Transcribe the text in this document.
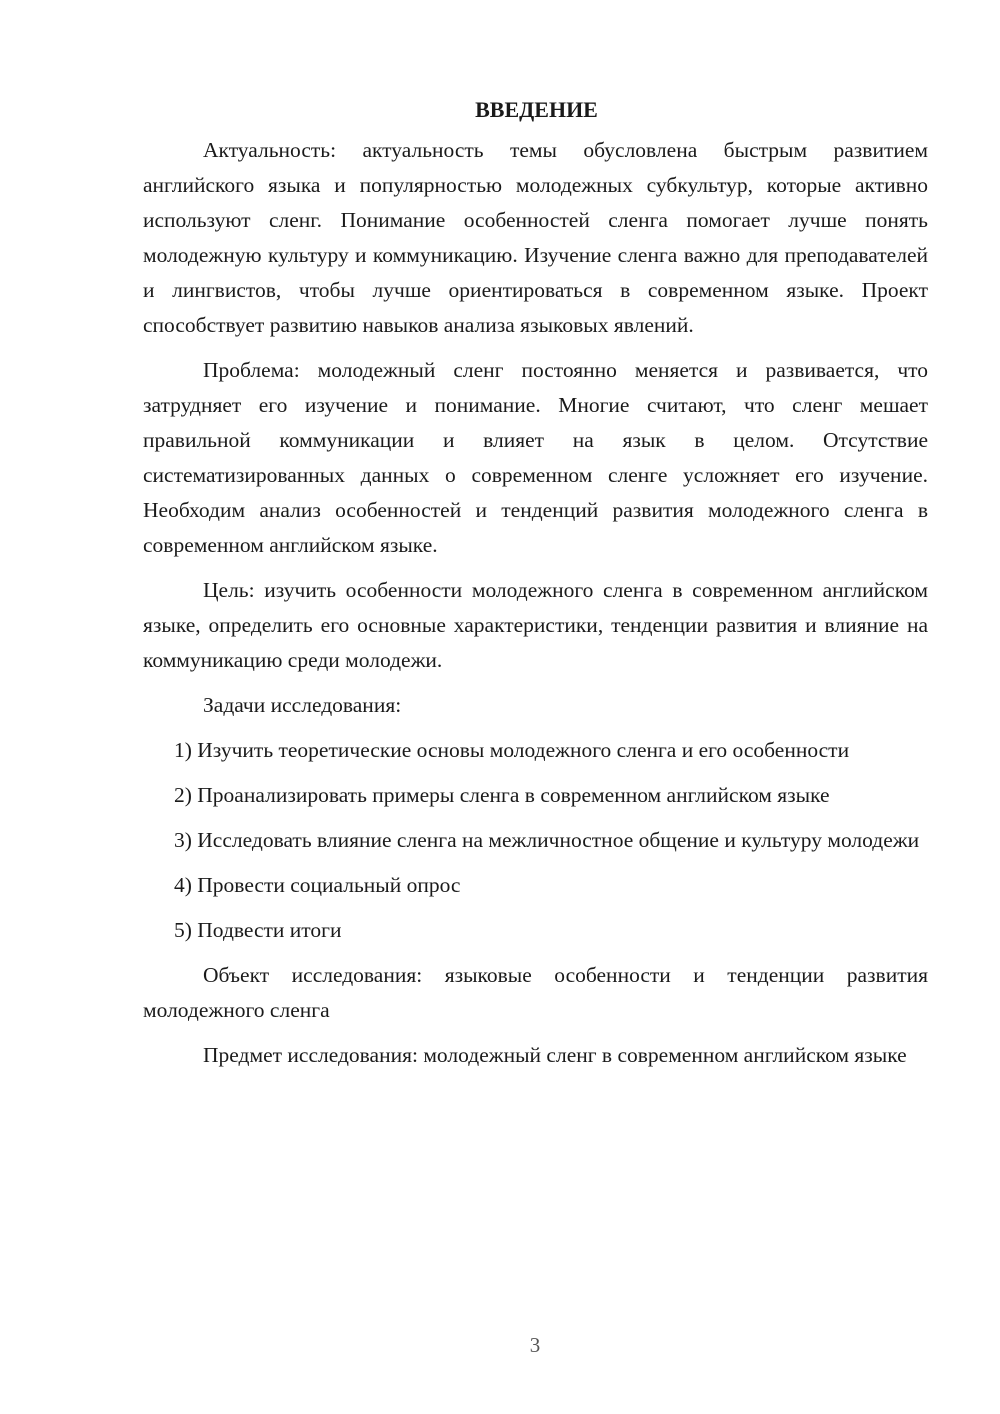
ВВЕДЕНИЕ

Актуальность: актуальность темы обусловлена быстрым развитием английского языка и популярностью молодежных субкультур, которые активно используют сленг. Понимание особенностей сленга помогает лучше понять молодежную культуру и коммуникацию. Изучение сленга важно для преподавателей и лингвистов, чтобы лучше ориентироваться в современном языке. Проект способствует развитию навыков анализа языковых явлений.

Проблема: молодежный сленг постоянно меняется и развивается, что затрудняет его изучение и понимание. Многие считают, что сленг мешает правильной коммуникации и влияет на язык в целом. Отсутствие систематизированных данных о современном сленге усложняет его изучение. Необходим анализ особенностей и тенденций развития молодежного сленга в современном английском языке.

Цель: изучить особенности молодежного сленга в современном английском языке, определить его основные характеристики, тенденции развития и влияние на коммуникацию среди молодежи.

Задачи исследования:

1) Изучить теоретические основы молодежного сленга и его особенности

2) Проанализировать примеры сленга в современном английском языке

3) Исследовать влияние сленга на межличностное общение и культуру молодежи

4) Провести социальный опрос

5) Подвести итоги

Объект исследования: языковые особенности и тенденции развития молодежного сленга

Предмет исследования: молодежный сленг в современном английском языке

3
